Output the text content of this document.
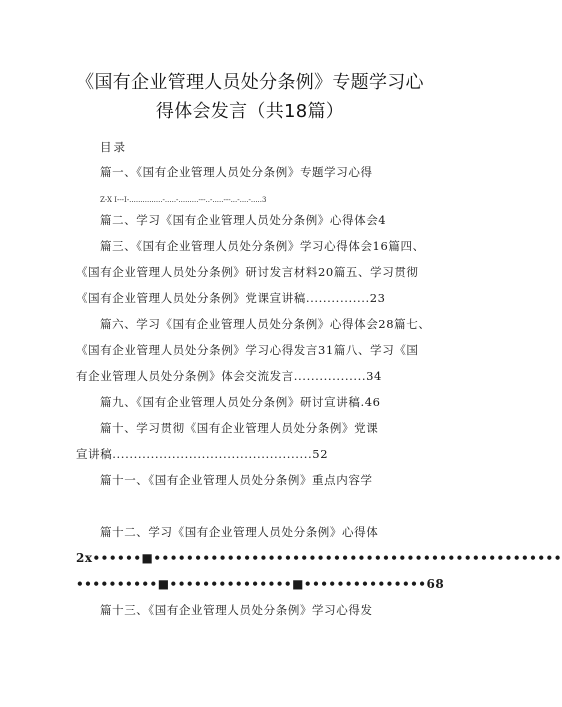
《国有企业管理人员处分条例》专题学习心
得体会发言（共18篇）
目录
篇一、《国有企业管理人员处分条例》专题学习心得
Z-X I---I-...............-.....-.........---..-.....---...-....-.....3
篇二、学习《国有企业管理人员处分条例》心得体会4
篇三、《国有企业管理人员处分条例》学习心得体会16篇四、
《国有企业管理人员处分条例》研讨发言材料20篇五、学习贯彻
《国有企业管理人员处分条例》党课宣讲稿...............23
篇六、学习《国有企业管理人员处分条例》心得体会28篇七、
《国有企业管理人员处分条例》学习心得发言31篇八、学习《国
有企业管理人员处分条例》体会交流发言.................34
篇九、《国有企业管理人员处分条例》研讨宣讲稿.46
篇十、学习贯彻《国有企业管理人员处分条例》党课
宣讲稿...............................................52
篇十一、《国有企业管理人员处分条例》重点内容学
篇十二、学习《国有企业管理人员处分条例》心得体
2x••••••■••••••••••••••••••••••••••••••••••••••••••••••••••
••••••••••■•••••••••••••••■•••••••••••••••68
篇十三、《国有企业管理人员处分条例》学习心得发
